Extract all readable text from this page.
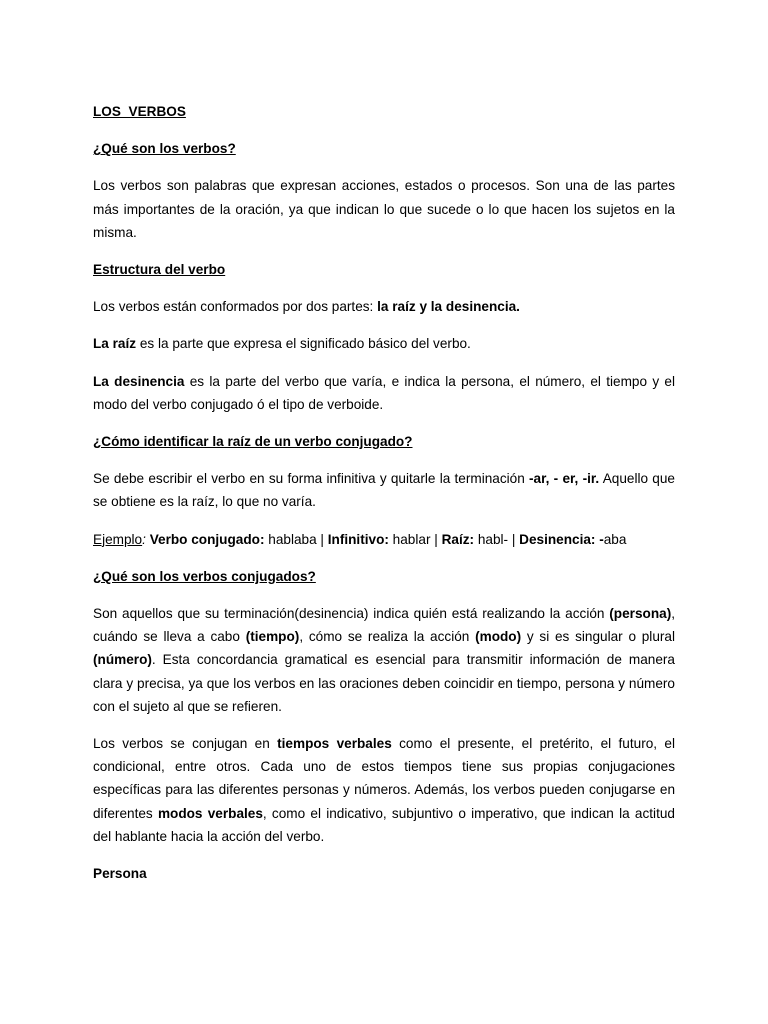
LOS  VERBOS
¿Qué son los verbos?

Los verbos son palabras que expresan acciones, estados o procesos. Son una de las partes más importantes de la oración, ya que indican lo que sucede o lo que hacen los sujetos en la misma.

Estructura del verbo

Los verbos están conformados por dos partes: la raíz y la desinencia.

La raíz es la parte que expresa el significado básico del verbo.

La desinencia es la parte del verbo que varía, e indica la persona, el número, el tiempo y el modo del verbo conjugado ó el tipo de verboide.

¿Cómo identificar la raíz de un verbo conjugado?

Se debe escribir el verbo en su forma infinitiva y quitarle la terminación -ar, - er, -ir. Aquello que se obtiene es la raíz, lo que no varía.

Ejemplo: Verbo conjugado: hablaba | Infinitivo: hablar | Raíz: habl- | Desinencia: -aba

¿Qué son los verbos conjugados?

Son aquellos que su terminación(desinencia) indica quién está realizando la acción (persona), cuándo se lleva a cabo (tiempo), cómo se realiza la acción (modo) y si es singular o plural (número). Esta concordancia gramatical es esencial para transmitir información de manera clara y precisa, ya que los verbos en las oraciones deben coincidir en tiempo, persona y número con el sujeto al que se refieren.

Los verbos se conjugan en tiempos verbales como el presente, el pretérito, el futuro, el condicional, entre otros. Cada uno de estos tiempos tiene sus propias conjugaciones específicas para las diferentes personas y números. Además, los verbos pueden conjugarse en diferentes modos verbales, como el indicativo, subjuntivo o imperativo, que indican la actitud del hablante hacia la acción del verbo.

Persona
